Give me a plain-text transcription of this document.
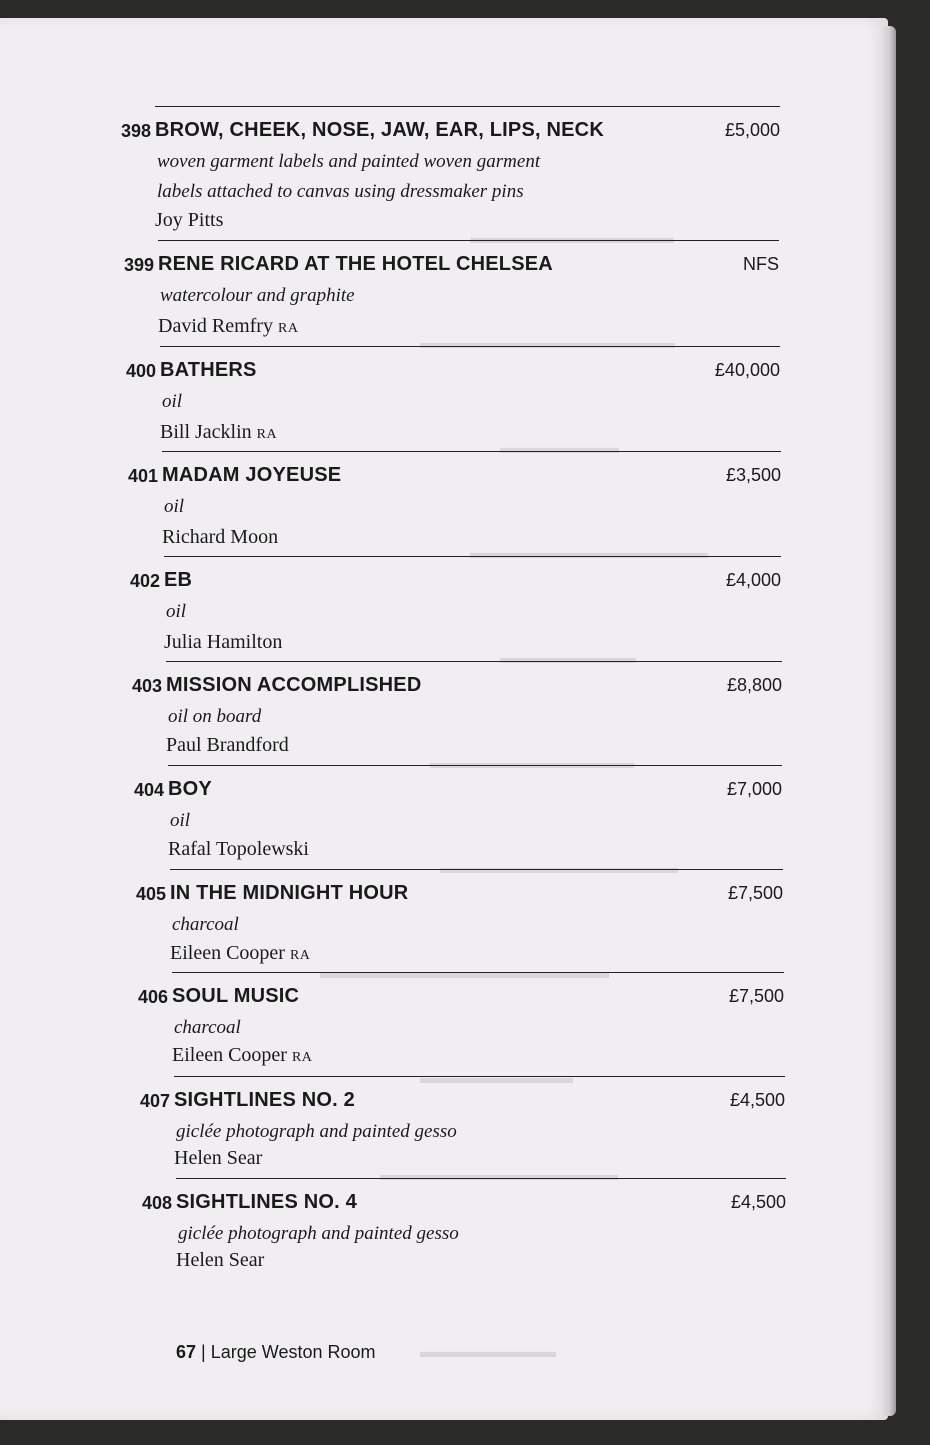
▬▬▬▬▬▬▬▬▬▬▬▬
▬▬▬▬▬▬▬▬▬▬▬▬▬▬▬
▬▬▬▬▬▬▬
▬▬▬▬▬▬▬▬▬▬▬▬▬▬
▬▬▬▬▬▬▬▬
▬▬▬▬▬▬▬▬▬▬▬▬
▬▬▬▬▬▬▬▬▬▬▬▬▬▬
▬▬▬▬▬▬▬▬▬▬▬▬▬▬▬▬▬
▬▬▬▬▬▬▬▬▬
▬▬▬▬▬▬▬▬▬▬▬▬▬▬
▬▬▬▬▬▬▬▬
398 BROW, CHEEK, NOSE, JAW, EAR, LIPS, NECK	£5,000
woven garment labels and painted woven garment
labels attached to canvas using dressmaker pins
Joy Pitts
399 RENE RICARD AT THE HOTEL CHELSEA	NFS
watercolour and graphite
David Remfry RA
400 BATHERS	£40,000
oil
Bill Jacklin RA
401 MADAM JOYEUSE	£3,500
oil
Richard Moon
402 EB	£4,000
oil
Julia Hamilton
403 MISSION ACCOMPLISHED	£8,800
oil on board
Paul Brandford
404 BOY	£7,000
oil
Rafal Topolewski
405 IN THE MIDNIGHT HOUR	£7,500
charcoal
Eileen Cooper RA
406 SOUL MUSIC	£7,500
charcoal
Eileen Cooper RA
407 SIGHTLINES NO. 2	£4,500
giclée photograph and painted gesso
Helen Sear
408 SIGHTLINES NO. 4	£4,500
giclée photograph and painted gesso
Helen Sear
67 | Large Weston Room
